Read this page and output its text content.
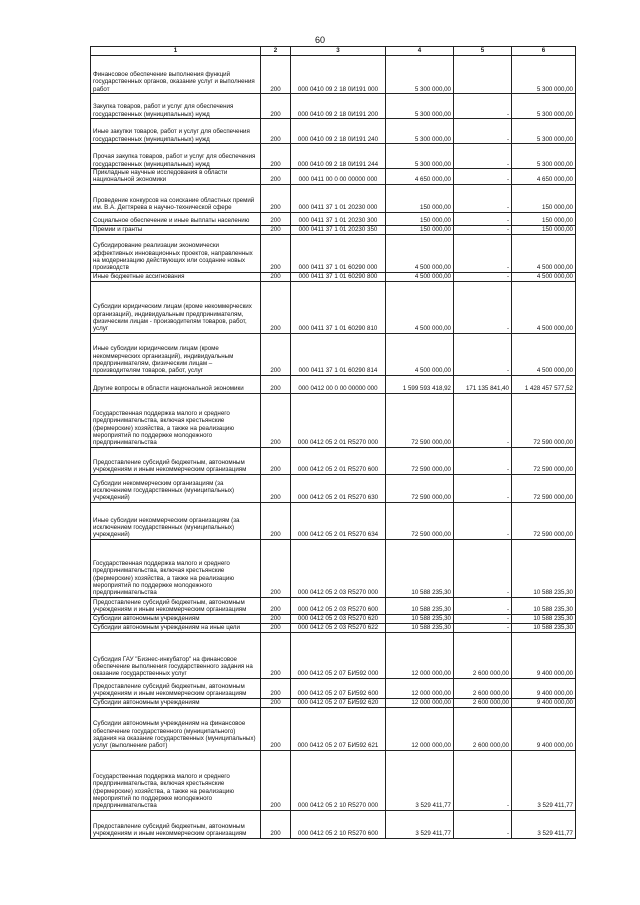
60
1	2	3	4	5	6
Финансовое обеспечение выполнения функций государственных органов, оказание услуг и выполнения работ	200	000 0410 09 2 18 0И191 000	5 300 000,00		5 300 000,00
Закупка товаров, работ и услуг для обеспечения государственных (муниципальных) нужд	200	000 0410 09 2 18 0И191 200	5 300 000,00	-	5 300 000,00
Иные закупки товаров, работ и услуг для обеспечения государственных (муниципальных) нужд	200	000 0410 09 2 18 0И191 240	5 300 000,00	-	5 300 000,00
Прочая закупка товаров, работ и услуг для обеспечения государственных (муниципальных) нужд	200	000 0410 09 2 18 0И191 244	5 300 000,00	-	5 300 000,00
Прикладные научные исследования в области национальной экономики	200	000 0411 00 0 00 00000 000	4 650 000,00	-	4 650 000,00
Проведение конкурсов на соискание областных премий им. В.А. Дегтярева в научно-технической сфере	200	000 0411 37 1 01 20230 000	150 000,00	-	150 000,00
Социальное обеспечение и иные выплаты населению	200	000 0411 37 1 01 20230 300	150 000,00	-	150 000,00
Премии и гранты	200	000 0411 37 1 01 20230 350	150 000,00	-	150 000,00
Субсидирование реализации экономически эффективных инновационных проектов, направленных на модернизацию действующих или создание новых производств	200	000 0411 37 1 01 60290 000	4 500 000,00	-	4 500 000,00
Иные бюджетные ассигнования	200	000 0411 37 1 01 60290 800	4 500 000,00	-	4 500 000,00
Субсидии юридическим лицам (кроме некоммерческих организаций), индивидуальным предпринимателям, физическим лицам - производителям товаров, работ, услуг	200	000 0411 37 1 01 60290 810	4 500 000,00	-	4 500 000,00
Иные субсидии юридическим лицам (кроме некоммерческих организаций), индивидуальным предпринимателям, физическим лицам – производителям товаров, работ, услуг	200	000 0411 37 1 01 60290 814	4 500 000,00	-	4 500 000,00
Другие вопросы в области национальной экономики	200	000 0412 00 0 00 00000 000	1 599 593 418,92	171 135 841,40	1 428 457 577,52
Государственная поддержка малого и среднего предпринимательства, включая крестьянские (фермерские) хозяйства, а также на реализацию мероприятий по поддержке молодежного предпринимательства	200	000 0412 05 2 01 R5270 000	72 590 000,00	-	72 590 000,00
Предоставление субсидий бюджетным, автономным учреждениям и иным некоммерческим организациям	200	000 0412 05 2 01 R5270 600	72 590 000,00	-	72 590 000,00
Субсидии некоммерческим организациям (за исключением государственных (муниципальных) учреждений)	200	000 0412 05 2 01 R5270 630	72 590 000,00	-	72 590 000,00
Иные субсидии некоммерческим организациям (за исключением государственных (муниципальных) учреждений)	200	000 0412 05 2 01 R5270 634	72 590 000,00	-	72 590 000,00
Государственная поддержка малого и среднего предпринимательства, включая крестьянские (фермерские) хозяйства, а также на реализацию мероприятий по поддержке молодежного предпринимательства	200	000 0412 05 2 03 R5270 000	10 588 235,30	-	10 588 235,30
Предоставление субсидий бюджетным, автономным учреждениям и иным некоммерческим организациям	200	000 0412 05 2 03 R5270 600	10 588 235,30	-	10 588 235,30
Субсидии автономным учреждениям	200	000 0412 05 2 03 R5270 620	10 588 235,30	-	10 588 235,30
Субсидии автономным учреждениям на иные цели	200	000 0412 05 2 03 R5270 622	10 588 235,30	-	10 588 235,30
Субсидия ГАУ "Бизнес-инкубатор" на финансовое обеспечение выполнения государственного задания на оказание государственных услуг	200	000 0412 05 2 07 БИ592 000	12 000 000,00	2 600 000,00	9 400 000,00
Предоставление субсидий бюджетным, автономным учреждениям и иным некоммерческим организациям	200	000 0412 05 2 07 БИ592 600	12 000 000,00	2 600 000,00	9 400 000,00
Субсидии автономным учреждениям	200	000 0412 05 2 07 БИ592 620	12 000 000,00	2 600 000,00	9 400 000,00
Субсидии автономным учреждениям на финансовое обеспечение государственного (муниципального) задания на оказание государственных (муниципальных) услуг (выполнение работ)	200	000 0412 05 2 07 БИ592 621	12 000 000,00	2 600 000,00	9 400 000,00
Государственная поддержка малого и среднего предпринимательства, включая крестьянские (фермерские) хозяйства, а также на реализацию мероприятий по поддержке молодежного предпринимательства	200	000 0412 05 2 10 R5270 000	3 529 411,77	-	3 529 411,77
Предоставление субсидий бюджетным, автономным учреждениям и иным некоммерческим организациям	200	000 0412 05 2 10 R5270 600	3 529 411,77	-	3 529 411,77
